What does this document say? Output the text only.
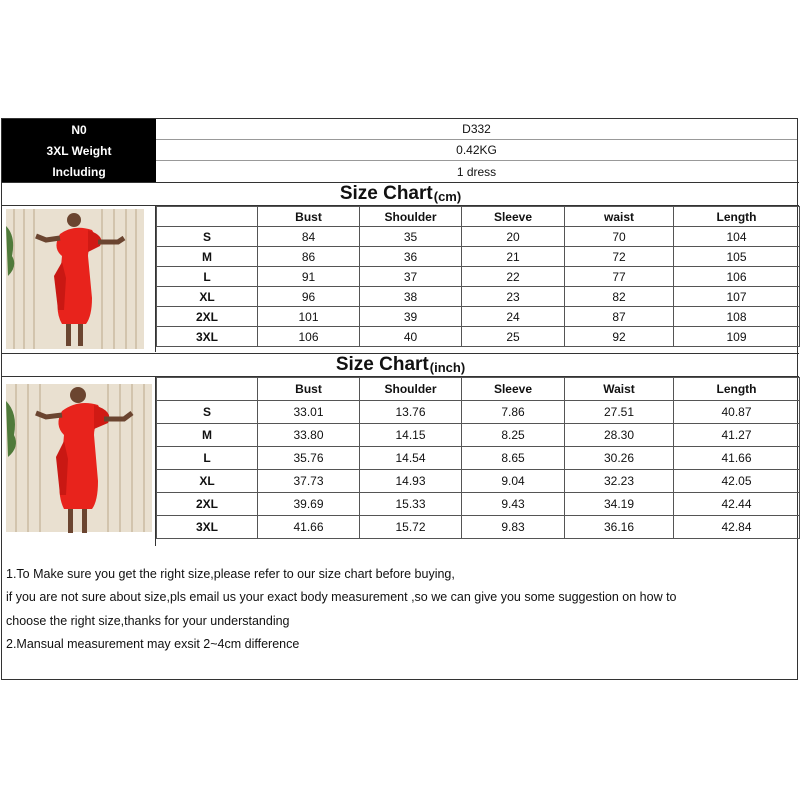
N0	D332
3XL Weight	0.42KG
Including	1 dress
Size Chart (cm)
	Bust	Shoulder	Sleeve	waist	Length
S	84	35	20	70	104
M	86	36	21	72	105
L	91	37	22	77	106
XL	96	38	23	82	107
2XL	101	39	24	87	108
3XL	106	40	25	92	109
Size Chart (inch)
	Bust	Shoulder	Sleeve	Waist	Length
S	33.01	13.76	7.86	27.51	40.87
M	33.80	14.15	8.25	28.30	41.27
L	35.76	14.54	8.65	30.26	41.66
XL	37.73	14.93	9.04	32.23	42.05
2XL	39.69	15.33	9.43	34.19	42.44
3XL	41.66	15.72	9.83	36.16	42.84

1.To Make sure you get the right size,please refer to our size chart before buying,

if you are not sure about size,pls email us your exact body measurement ,so we can give you some suggestion on how to

choose the right size,thanks for your understanding

2.Mansual measurement may exsit 2~4cm difference
